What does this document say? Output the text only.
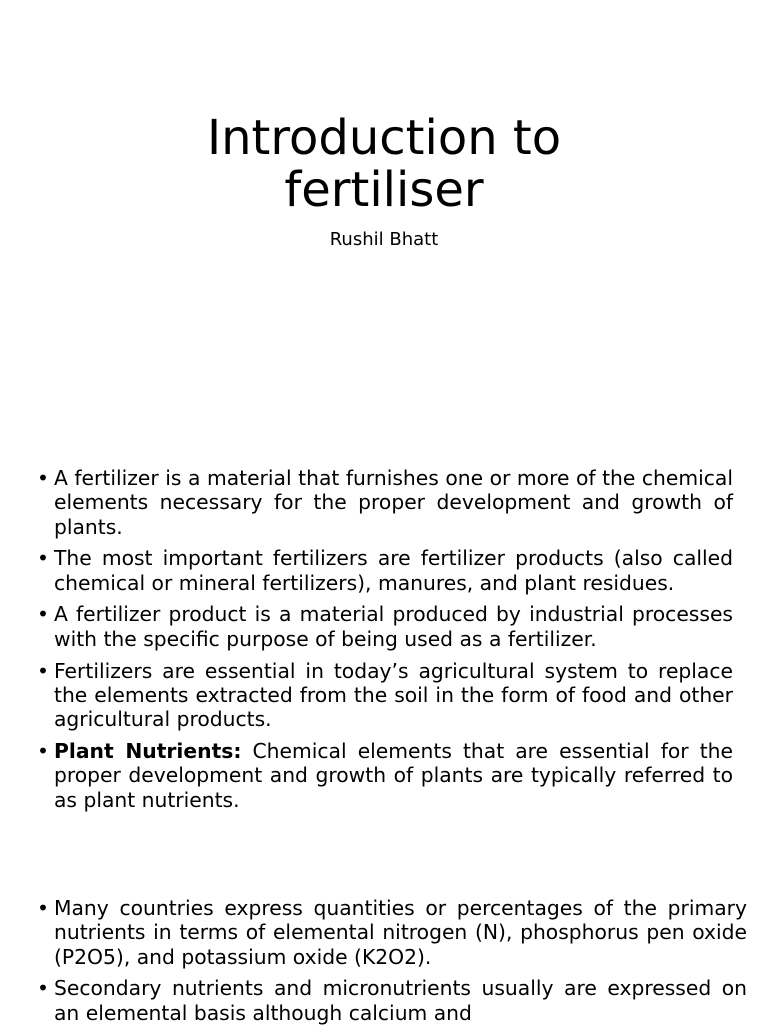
Introduction to
fertiliser

Rushil Bhatt

• A fertilizer is a material that furnishes one or more of the chemical elements necessary for the proper development and growth of plants.
• The most important fertilizers are fertilizer products (also called chemical or mineral fertilizers), manures, and plant residues.
• A fertilizer product is a material produced by industrial processes with the specific purpose of being used as a fertilizer.
• Fertilizers are essential in today’s agricultural system to replace the elements extracted from the soil in the form of food and other agricultural products.
• Plant Nutrients: Chemical elements that are essential for the proper development and growth of plants are typically referred to as plant nutrients.
• Many countries express quantities or percentages of the primary nutrients in terms of elemental nitrogen (N), phosphorus pen oxide (P2O5), and potassium oxide (K2O2).
• Secondary nutrients and micronutrients usually are expressed on an elemental basis although calcium and
